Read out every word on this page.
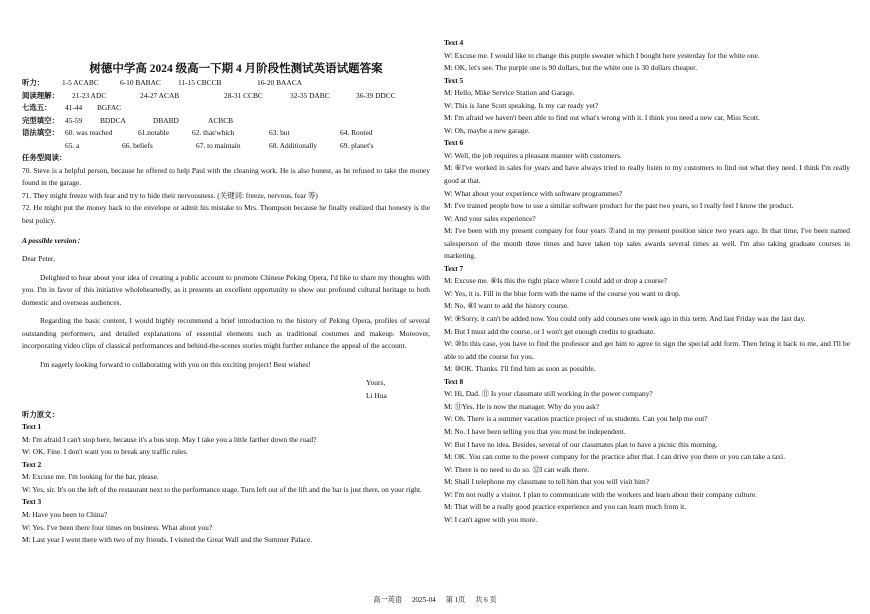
树德中学高 2024 级高一下期 4 月阶段性测试英语试题答案
听力： 1-5 ACABC	6-10 BABAC 11-15 CBCCB	16-20 BAACA
阅读理解： 21-23 ADC	24-27 ACAB	28-31 CCBC	32-35 DABC	36-39 DDCC
七选五： 41-44 BGFAC
完型填空： 45-59 BDDCA	DBABD	ACBCB
语法填空： 60. was reached	61.notable	62. that/which	63. but	64. Rooted
65. a	66. beliefs	67. to maintain	68. Additionally	69. planet's

任务型阅读：
70. Steve is a helpful person, because he offered to help Paul with the cleaning work. He is also honest, as he refused to take the money found in the garage.
71. They might freeze with fear and try to hide their nervousness. (关键词: freeze, nervous, fear 等)
72. He might put the money back to the envelope or admit his mistake to Mrs. Thompson because he finally realized that honesty is the best policy.
A possible version：
Dear Peter,
Delighted to hear about your idea of creating a public account to promote Chinese Peking Opera, I'd like to share my thoughts with you. I'm in favor of this initiative wholeheartedly, as it presents an excellent opportunity to show our profound cultural heritage to both domestic and overseas audiences.
Regarding the basic content, I would highly recommend a brief introduction to the history of Peking Opera, profiles of several outstanding performers, and detailed explanations of essential elements such as traditional costumes and makeup. Moreover, incorporating video clips of classical performances and behind-the-scenes stories might further enhance the appeal of the account.
I'm eagerly looking forward to collaborating with you on this exciting project! Best wishes!
Yours,
Li Hua
听力原文：
Text 1
M: I'm afraid I can't stop here, because it's a bus stop. May I take you a little farther down the road?
W: OK. Fine. I don't want you to break any traffic rules.
Text 2
M: Excuse me. I'm looking for the bar, please.
W: Yes, sir. It's on the left of the restaurant next to the performance stage. Turn left out of the lift and the bar is just there, on your right.
Text 3
M: Have you been to China?
W: Yes. I've been there four times on business. What about you?
M: Last year I went there with two of my friends. I visited the Great Wall and the Summer Palace.
Text 4
W: Excuse me. I would like to change this purple sweater which I bought here yesterday for the white one.
M: OK, let's see. The purple one is 90 dollars, but the white one is 30 dollars cheaper.
Text 5
M: Hello, Mike Service Station and Garage.
W: This is Jane Scott speaking. Is my car ready yet?
M: I'm afraid we haven't been able to find out what's wrong with it. I think you need a new car, Miss Scott.
W: Oh, maybe a new garage.
Text 6
W: Well, the job requires a pleasant manner with customers.
M: ⑥I've worked in sales for years and have always tried to really listen to my customers to find out what they need. I think I'm really good at that.
W: What about your experience with software programmes?
M: I've trained people how to use a similar software product for the past two years, so I really feel I know the product.
W: And your sales experience?
M: I've been with my present company for four years ⑦and in my present position since two years ago. In that time, I've been named salesperson of the month three times and have taken top sales awards several times as well. I'm also taking graduate courses in marketing.
Text 7
M: Excuse me. ⑧Is this the right place where I could add or drop a course?
W: Yes, it is. Fill in the blue form with the name of the course you want to drop.
M: No, ⑧I want to add the history course.
W: ⑨Sorry, it can't be added now. You could only add courses one week ago in this term. And last Friday was the last day.
M: But I must add the course, or I won't get enough credits to graduate.
W: ⑩In this case, you have to find the professor and get him to agree to sign the special add form. Then bring it back to me, and I'll be able to add the course for you.
M: ⑩OK. Thanks. I'll find him as soon as possible.
Text 8
W: Hi, Dad. ⑪ Is your classmate still working in the power company?
M: ⑪Yes. He is now the manager. Why do you ask?
W: Oh. There is a summer vacation practice project of us students. Can you help me out?
M: No. I have been telling you that you must be independent.
W: But I have no idea. Besides, several of our classmates plan to have a picnic this morning.
M: OK. You can come to the power company for the practice after that. I can drive you there or you can take a taxi.
W: There is no need to do so. ⑫I can walk there.
M: Shall I telephone my classmate to tell him that you will visit him?
W: I'm not really a visitor. I plan to communicate with the workers and learn about their company culture.
M: That will be a really good practice experience and you can learn much from it.
W: I can't agree with you more.
高一英语 2025-04 第 1页 共 6 页
